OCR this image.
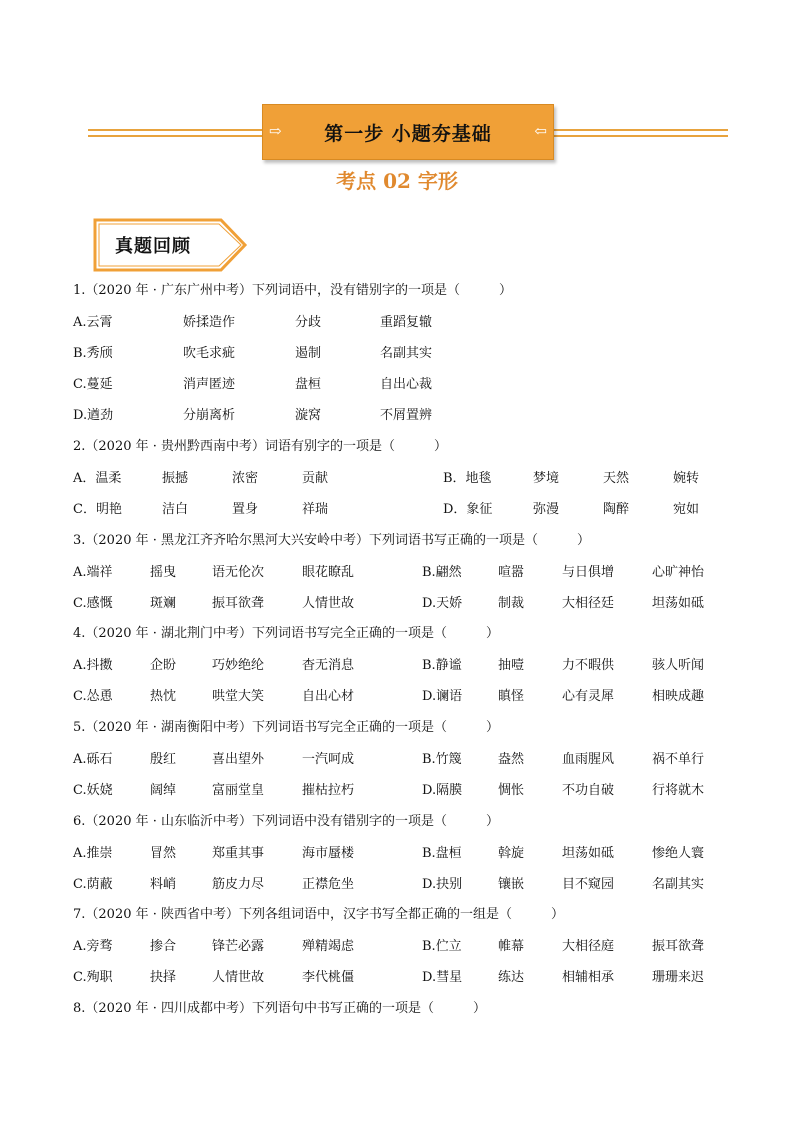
⇨	第一步 小题夯基础	⇦
考点 02 字形
真题回顾
1.（2020 年 · 广东广州中考）下列词语中，没有错别字的一项是（　　　）
A.云霄	娇揉造作	分歧	重蹈复辙
B.秀颀	吹毛求疵	遏制	名副其实
C.蔓延	消声匿迹	盘桓	自出心裁
D.遒劲	分崩离析	漩窝	不屑置辨
2.（2020 年 · 贵州黔西南中考）词语有别字的一项是（　　　）
A．温柔	振撼	浓密	贡献	B．地毯	梦境	天然	婉转
C．明艳	洁白	置身	祥瑞	D．象征	弥漫	陶醉	宛如
3.（2020 年 · 黑龙江齐齐哈尔黑河大兴安岭中考）下列词语书写正确的一项是（　　　）
A.端祥	摇曳	语无伦次	眼花瞭乱	B.翩然	喧嚣	与日俱增	心旷神怡
C.感慨	斑斓	振耳欲聋	人情世故	D.天娇	制裁	大相径廷	坦荡如砥
4.（2020 年 · 湖北荆门中考）下列词语书写完全正确的一项是（　　　）
A.抖擞	企盼	巧妙绝纶	杳无消息	B.静谧	抽噎	力不暇供	骇人听闻
C.怂恿	热忱	哄堂大笑	自出心材	D.谰语	瞋怪	心有灵犀	相映成趣
5.（2020 年 · 湖南衡阳中考）下列词语书写完全正确的一项是（　　　）
A.砾石	殷红	喜出望外	一汽呵成	B.竹篾	盎然	血雨腥风	祸不单行
C.妖娆	阔绰	富丽堂皇	摧枯拉朽	D.隔膜	惆怅	不功自破	行将就木
6.（2020 年 · 山东临沂中考）下列词语中没有错别字的一项是（　　　）
A.推崇	冒然	郑重其事	海市蜃楼	B.盘桓	斡旋	坦荡如砥	惨绝人寰
C.荫蔽	料峭	筋皮力尽	正襟危坐	D.抉别	镶嵌	目不窥园	名副其实
7.（2020 年 · 陕西省中考）下列各组词语中，汉字书写全都正确的一组是（　　　）
A.旁骛	掺合	锋芒必露	殚精竭虑	B.伫立	帷幕	大相径庭	振耳欲聋
C.殉职	抉择	人情世故	李代桃僵	D.彗星	练达	相辅相承	珊珊来迟
8.（2020 年 · 四川成都中考）下列语句中书写正确的一项是（　　　）
